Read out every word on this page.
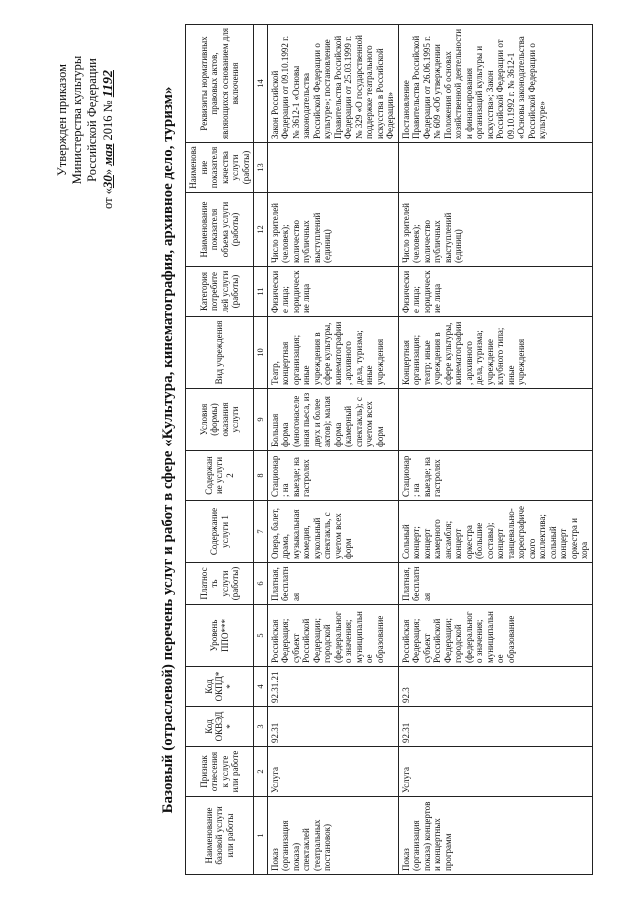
Утвержден приказом Министерства культуры Российской Федерации
от «30» мая 2016 № 1192
Базовый (отраслевой) перечень услуг и работ в сфере «Культура, кинематография, архивное дело, туризм»
Наименование базовой услуги или работы	Признак отнесения к услуге или работе	Код ОКВЭД*	Код ОКПД**	Уровень ППО***	Платность услуги (работы)	Содержание услуги 1	Содержание услуги 2	Условия (формы) оказания услуги	Вид учреждения	Категория потребителей услуги (работы)	Наименование показателя объема услуги (работы)	Наименование показателя качества услуги (работы)	Реквизиты нормативных правовых актов, являющихся основанием для включения
1	2	3	4	5	6	7	8	9	10	11	12	13	14
Показ (организация показа) спектаклей (театральных постановок)	Услуга	92.31	92.31.21	Российская Федерация; субъект Российской Федерации; городской (федерального значения; муниципальное образование	Платная, бесплатная	Опера, балет, драма, музыкальная комедия, кукольный спектакль, с учетом всех форм	Стационар; на выезде; на гастролях	Большая форма (многонаселенная пьеса, из двух и более актов); малая форма (камерный спектакль); с учетом всех форм	Театр, концертная организация; иные учреждения в сфере культуры, кинематографии, архивного дела, туризма; иные учреждения	Физические лица; юридические лица	Число зрителей (человек); количество публичных выступлений (единиц)		Закон Российской Федерации от 09.10.1992 г. № 3612-1 «Основы законодательства Российской Федерации о культуре»; постановление Правительства Российской Федерации от 25.03.1999 г. № 329 «О государственной поддержке театрального искусства в Российской Федерации»
Показ (организация показа) концертов и концертных программ	Услуга	92.31	92.3	Российская Федерация; субъект Российской Федерации; городской (федерального значения; муниципальное образование	Платная, бесплатная	Сольный концерт; концерт камерного ансамбля; концерт оркестра (большие составы); концерт танцевально-хореографического коллектива; сольный концерт оркестра и хора	Стационар; на выезде; на гастролях		Концертная организация; театр; иные учреждения в сфере культуры, кинематографии, архивного дела, туризма; учреждение клубного типа; иные учреждения	Физические лица; юридические лица	Число зрителей (человек); количество публичных выступлений (единиц)		Постановление Правительства Российской Федерации от 26.06.1995 г. № 609 «Об утверждении Положения об основах хозяйственной деятельности и финансирования организаций культуры и искусства»; Закон Российской Федерации от 09.10.1992 г. № 3612-1 «Основы законодательства Российской Федерации о культуре»
